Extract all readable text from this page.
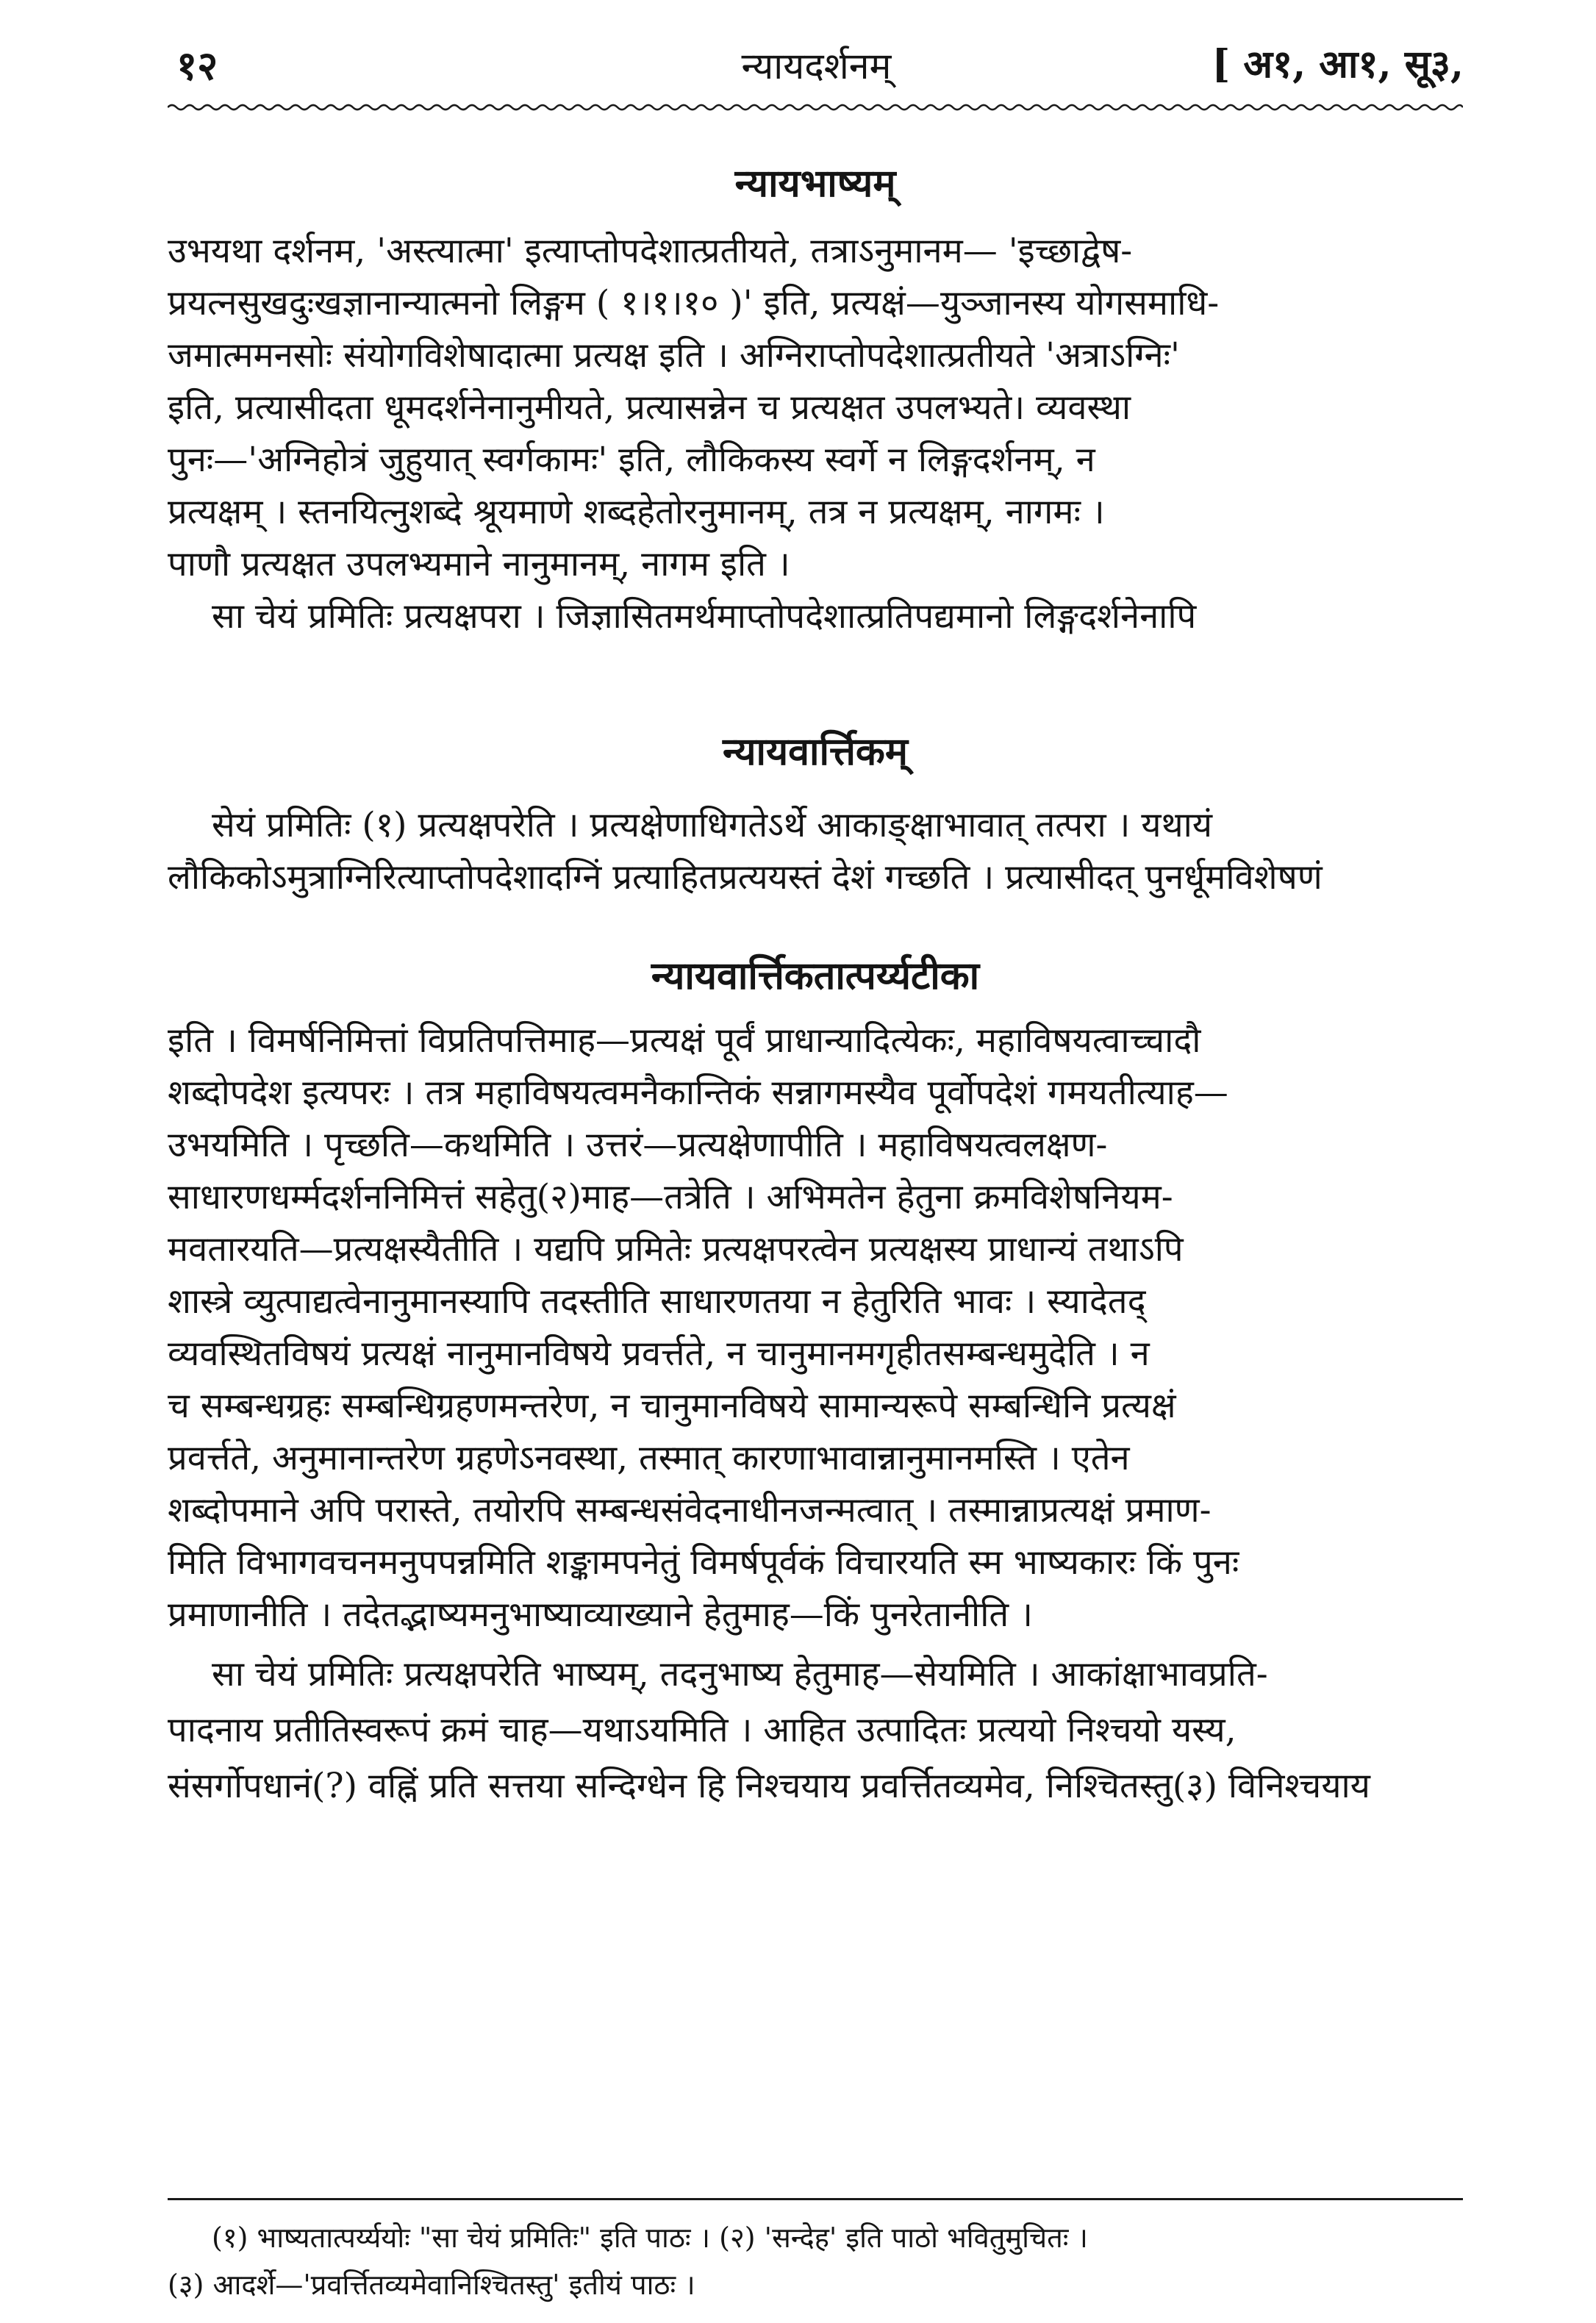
१२	न्यायदर्शनम्	[ अ१, आ१, सू३,
न्यायभाष्यम्
उभयथा दर्शनम, 'अस्त्यात्मा' इत्याप्तोपदेशात्प्रतीयते, तत्राऽनुमानम— 'इच्छाद्वेष-
प्रयत्नसुखदुःखज्ञानान्यात्मनो लिङ्गम ( १।१।१० )' इति, प्रत्यक्षं—युञ्जानस्य योगसमाधि-
जमात्ममनसोः संयोगविशेषादात्मा प्रत्यक्ष इति । अग्निराप्तोपदेशात्प्रतीयते 'अत्राऽग्निः'
इति, प्रत्यासीदता धूमदर्शनेनानुमीयते, प्रत्यासन्नेन च प्रत्यक्षत उपलभ्यते। व्यवस्था
पुनः—'अग्निहोत्रं जुहुयात् स्वर्गकामः' इति, लौकिकस्य स्वर्गे न लिङ्गदर्शनम्, न
प्रत्यक्षम् । स्तनयित्नुशब्दे श्रूयमाणे शब्दहेतोरनुमानम्, तत्र न प्रत्यक्षम्, नागमः ।
पाणौ प्रत्यक्षत उपलभ्यमाने नानुमानम्, नागम इति ।
सा चेयं प्रमितिः प्रत्यक्षपरा । जिज्ञासितमर्थमाप्तोपदेशात्प्रतिपद्यमानो लिङ्गदर्शनेनापि
न्यायवार्त्तिकम्
सेयं प्रमितिः (१) प्रत्यक्षपरेति । प्रत्यक्षेणाधिगतेऽर्थे आकाङ्क्षाभावात् तत्परा । यथायं
लौकिकोऽमुत्राग्निरित्याप्तोपदेशादग्निं प्रत्याहितप्रत्ययस्तं देशं गच्छति । प्रत्यासीदत् पुनर्धूमविशेषणं
न्यायवार्त्तिकतात्पर्य्यटीका
इति । विमर्षनिमित्तां विप्रतिपत्तिमाह—प्रत्यक्षं पूर्वं प्राधान्यादित्येकः, महाविषयत्वाच्चादौ
शब्दोपदेश इत्यपरः । तत्र महाविषयत्वमनैकान्तिकं सन्नागमस्यैव पूर्वोपदेशं गमयतीत्याह—
उभयमिति । पृच्छति—कथमिति । उत्तरं—प्रत्यक्षेणापीति । महाविषयत्वलक्षण-
साधारणधर्म्मदर्शननिमित्तं सहेतु(२)माह—तत्रेति । अभिमतेन हेतुना क्रमविशेषनियम-
मवतारयति—प्रत्यक्षस्यैतीति । यद्यपि प्रमितेः प्रत्यक्षपरत्वेन प्रत्यक्षस्य प्राधान्यं तथाऽपि
शास्त्रे व्युत्पाद्यत्वेनानुमानस्यापि तदस्तीति साधारणतया न हेतुरिति भावः । स्यादेतद्
व्यवस्थितविषयं प्रत्यक्षं नानुमानविषये प्रवर्त्तते, न चानुमानमगृहीतसम्बन्धमुदेति । न
च सम्बन्धग्रहः सम्बन्धिग्रहणमन्तरेण, न चानुमानविषये सामान्यरूपे सम्बन्धिनि प्रत्यक्षं
प्रवर्त्तते, अनुमानान्तरेण ग्रहणेऽनवस्था, तस्मात् कारणाभावान्नानुमानमस्ति । एतेन
शब्दोपमाने अपि परास्ते, तयोरपि सम्बन्धसंवेदनाधीनजन्मत्वात् । तस्मान्नाप्रत्यक्षं प्रमाण-
मिति विभागवचनमनुपपन्नमिति शङ्कामपनेतुं विमर्षपूर्वकं विचारयति स्म भाष्यकारः किं पुनः
प्रमाणानीति । तदेतद्भाष्यमनुभाष्याव्याख्याने हेतुमाह—किं पुनरेतानीति ।
सा चेयं प्रमितिः प्रत्यक्षपरेति भाष्यम्, तदनुभाष्य हेतुमाह—सेयमिति । आकांक्षाभावप्रति-
पादनाय प्रतीतिस्वरूपं क्रमं चाह—यथाऽयमिति । आहित उत्पादितः प्रत्ययो निश्चयो यस्य,
संसर्गोपधानं(?) वह्निं प्रति सत्तया सन्दिग्धेन हि निश्चयाय प्रवर्त्तितव्यमेव, निश्चितस्तु(३) विनिश्चयाय
(१) भाष्यतात्पर्य्ययोः "सा चेयं प्रमितिः" इति पाठः । (२) 'सन्देह' इति पाठो भवितुमुचितः ।
(३) आदर्शे—'प्रवर्त्तितव्यमेवानिश्चितस्तु' इतीयं पाठः ।
